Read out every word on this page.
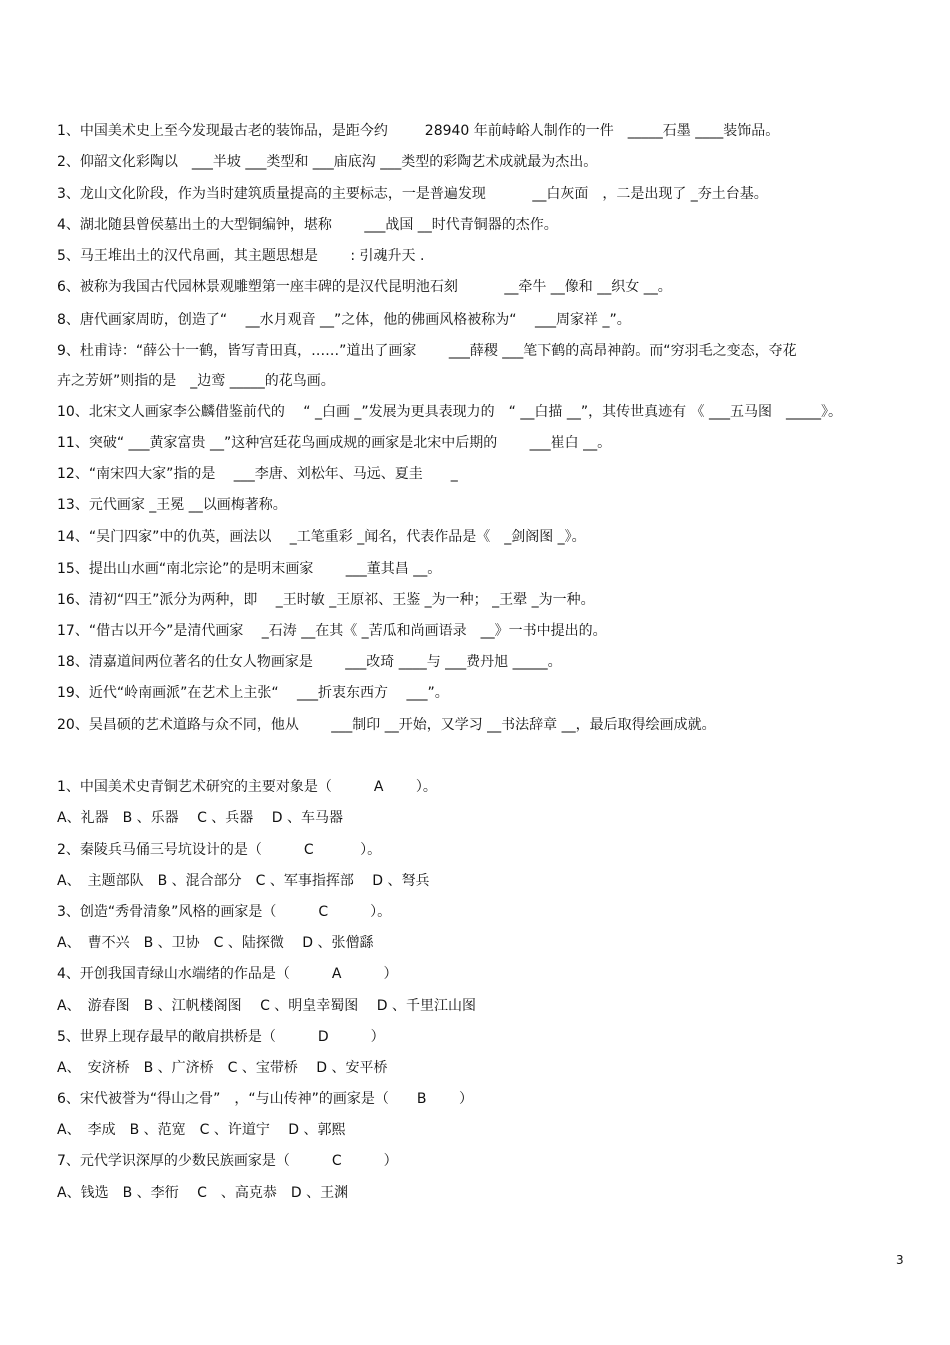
1、中国美术史上至今发现最古老的装饰品，是距今约　　  28940 年前峙峪人制作的一件　_____石墨 ____装饰品。
2、仰韶文化彩陶以　___半坡 ___类型和 ___庙底沟 ___类型的彩陶艺术成就最为杰出。
3、龙山文化阶段，作为当时建筑质量提高的主要标志，一是普遍发现　　　 __白灰面　，二是出现了 _夯土台基。
4、湖北随县曾侯墓出土的大型铜编钟，堪称　　 ___战国 __时代青铜器的杰作。
5、马王堆出土的汉代帛画，其主题思想是　　 : 引魂升天 .
6、被称为我国古代园林景观雕塑第一座丰碑的是汉代昆明池石刻　　　 __牵牛 __像和 __织女 __。
8、唐代画家周昉，创造了“　 __水月观音 __”之体，他的佛画风格被称为“　 ___周家祥 _”。
9、杜甫诗：“薛公十一鹤，皆写青田真，……”道出了画家　　 ___薛稷 ___笔下鹤的高昂神韵。而“穷羽毛之变态，夺花
卉之芳妍”则指的是　_边鸾 _____的花鸟画。
10、北宋文人画家李公麟借鉴前代的　 “ _白画 _”发展为更具表现力的　“ __白描 __”，其传世真迹有 《 ___五马图　_____》。
11、突破“ ___黄家富贵 __”这种宫廷花鸟画成规的画家是北宋中后期的　　 ___崔白 __。
12、“南宋四大家”指的是　 ___李唐、刘松年、马远、夏圭　　_
13、元代画家 _王冕 __以画梅著称。
14、“吴门四家”中的仇英，画法以　 _工笔重彩 _闻名，代表作品是《　_剑阁图 _》。
15、提出山水画“南北宗论”的是明末画家　　 ___董其昌 __。
16、清初“四王”派分为两种，即　 _王时敏 _王原祁、王鉴 _为一种； _王翚 _为一种。
17、“借古以开今”是清代画家　 _石涛 __在其《 _苦瓜和尚画语录　__》一书中提出的。
18、清嘉道间两位著名的仕女人物画家是　　 ___改琦 ____与 ___费丹旭 _____。
19、近代“岭南画派”在艺术上主张“　 ___折衷东西方　 ___”。
20、吴昌硕的艺术道路与众不同，他从　　 ___制印 __开始，又学习 __书法辞章 __，最后取得绘画成就。
1、中国美术史青铜艺术研究的主要对象是（　　　A　　 ）。
A、礼器　B 、乐器　 C 、兵器　 D 、车马器
2、秦陵兵马俑三号坑设计的是（　　　C　　　 ）。
A、　主题部队　B 、混合部分　C 、军事指挥部　 D 、弩兵
3、创造“秀骨清象”风格的画家是（　　　C　　　）。
A、　曹不兴　B 、卫协　C 、陆探微　 D 、张僧繇
4、开创我国青绿山水端绪的作品是（　　　A　　　）
A、　游春图　B 、江帆楼阁图　 C 、明皇幸蜀图　 D 、千里江山图
5、世界上现存最早的敞肩拱桥是（　　　D　　　）
A、　安济桥　B 、广济桥　C 、宝带桥　 D 、安平桥
6、宋代被誉为“得山之骨”　，“与山传神”的画家是（　　B　　 ）
A、　李成　B 、范宽　C 、许道宁　 D 、郭熙
7、元代学识深厚的少数民族画家是（　　　C　　　）
A、钱选　B 、李衎　 C　、高克恭　D 、王渊
3
